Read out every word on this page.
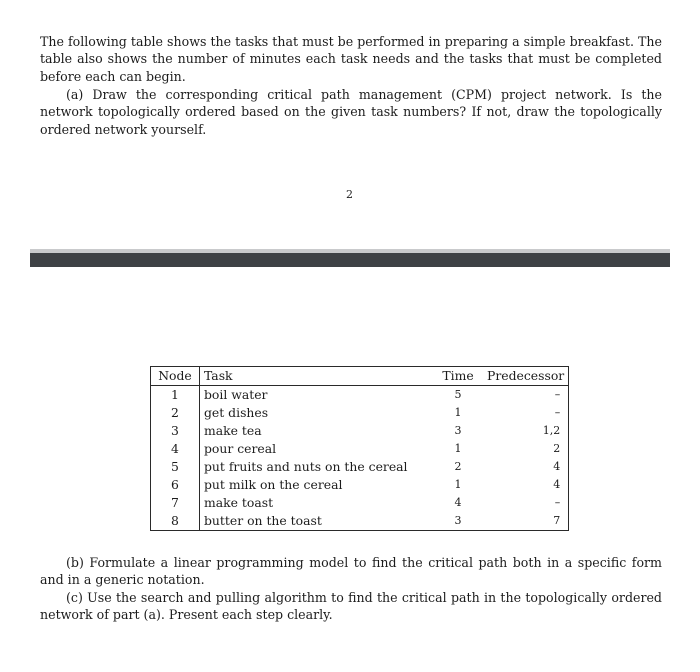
The following table shows the tasks that must be performed in preparing a simple breakfast. The table also shows the number of minutes each task needs and the tasks that must be completed before each can begin.

(a) Draw the corresponding critical path management (CPM) project network. Is the network topologically ordered based on the given task numbers? If not, draw the topologically ordered network yourself.

2
Node	Task	Time	Predecessor
1	boil water	5	–
2	get dishes	1	–
3	make tea	3	1,2
4	pour cereal	1	2
5	put fruits and nuts on the cereal	2	4
6	put milk on the cereal	1	4
7	make toast	4	–
8	butter on the toast	3	7

(b) Formulate a linear programming model to find the critical path both in a specific form and in a generic notation.

(c) Use the search and pulling algorithm to find the critical path in the topologically ordered network of part (a). Present each step clearly.
